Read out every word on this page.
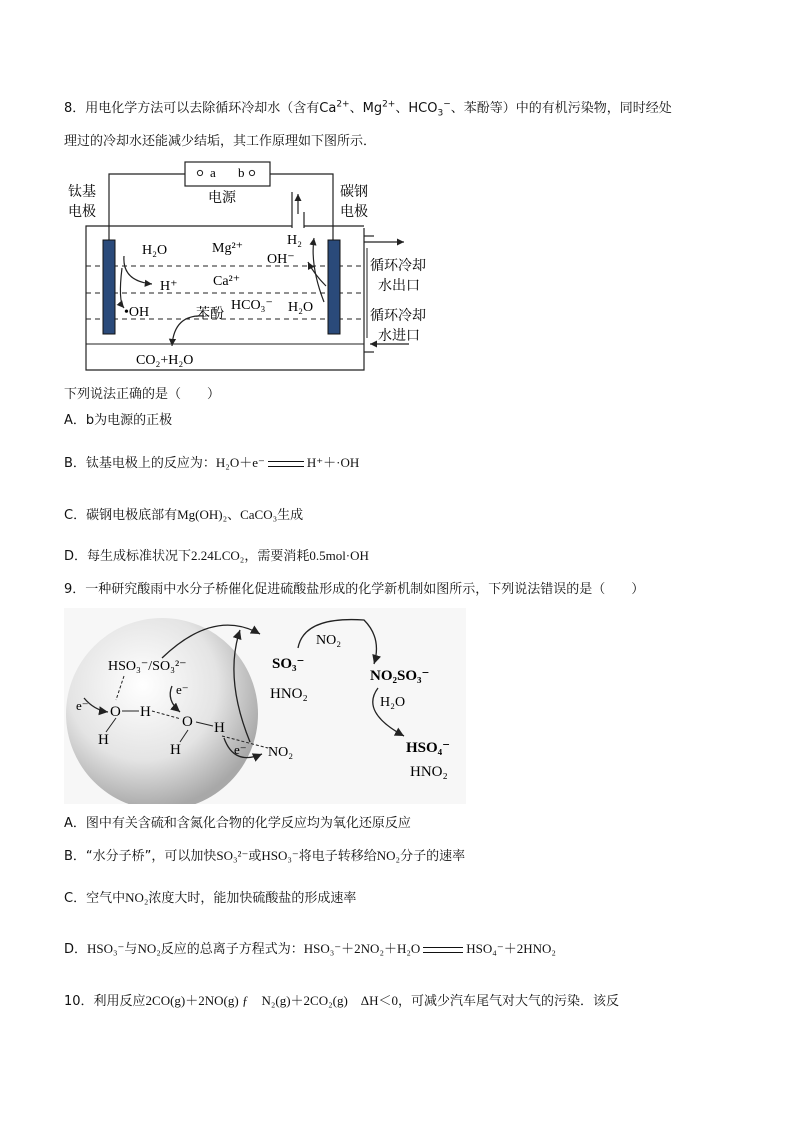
8．用电化学方法可以去除循环冷却水（含有$Ca^{2+}$、$Mg^{2+}$、$HCO_3^-$、苯酚等）中的有机污染物，同时经处
理过的冷却水还能减少结垢，其工作原理如下图所示．
a b
电源
钛基
电极
碳钢
电极
H₂O	Mg²⁺
H₂
OH⁻
Ca²⁺
H⁺
HCO₃⁻ H₂O
•OH	苯酚
CO₂+H₂O
循环冷却
水出口
循环冷却
水进口
下列说法正确的是（　　）
A．b为电源的正极
B．钛基电极上的反应为：H₂O＋e⁻	H⁺＋·OH
C．碳钢电极底部有Mg(OH)₂、CaCO₃生成
D．每生成标准状况下2.24LCO₂，需要消耗0.5mol·OH
9．一种研究酸雨中水分子桥催化促进硫酸盐形成的化学新机制如图所示，下列说法错误的是（　　）
HSO₃⁻/SO₃²⁻
e⁻
e⁻
e⁻
O H
H
O H
H	NO₂
SO₃⁻
HNO₂
NO₂
NO₂SO₃⁻
H₂O
HSO₄⁻
HNO₂
A．图中有关含硫和含氮化合物的化学反应均为氧化还原反应
B．“水分子桥”，可以加快SO₃²⁻或HSO₃⁻将电子转移给NO₂分子的速率
C．空气中NO₂浓度大时，能加快硫酸盐的形成速率
D．HSO₃⁻与NO₂反应的总离子方程式为：HSO₃⁻＋2NO₂＋H₂O	HSO₄⁻＋2HNO₂
10．利用反应2CO(g)＋2NO(g) ƒ　N₂(g)＋2CO₂(g)　ΔH＜0，可减少汽车尾气对大气的污染．该反
